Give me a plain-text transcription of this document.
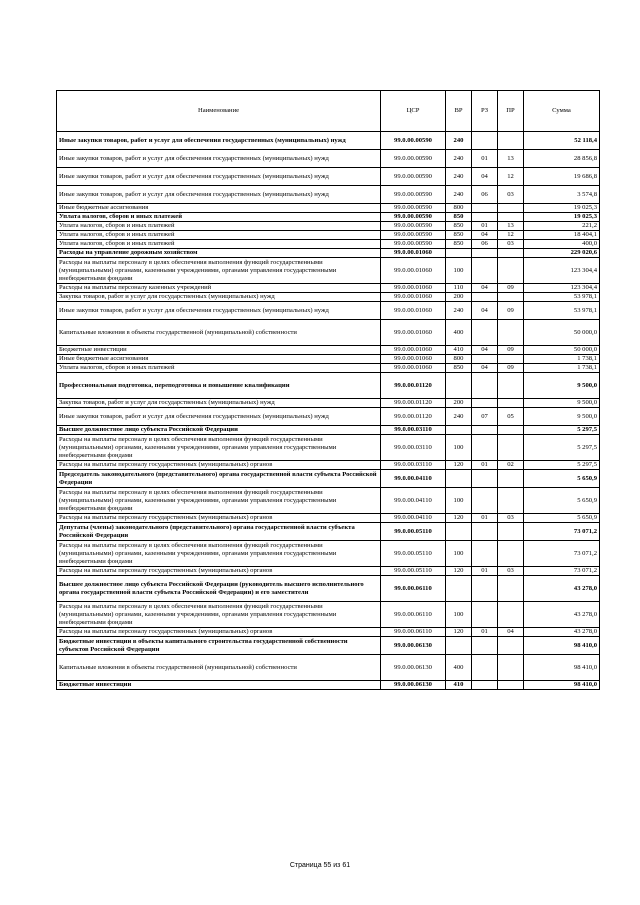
Наименование	ЦСР	ВР	РЗ	ПР	Сумма
Иные закупки товаров, работ и услуг для обеспечения государственных (муниципальных) нужд	99.0.00.00590	240			52 118,4
Иные закупки товаров, работ и услуг для обеспечения государственных (муниципальных) нужд	99.0.00.00590	240	01	13	28 856,8
Иные закупки товаров, работ и услуг для обеспечения государственных (муниципальных) нужд	99.0.00.00590	240	04	12	19 686,8
Иные закупки товаров, работ и услуг для обеспечения государственных (муниципальных) нужд	99.0.00.00590	240	06	03	3 574,8
Иные бюджетные ассигнования	99.0.00.00590	800			19 025,3
Уплата налогов, сборов и иных платежей	99.0.00.00590	850			19 025,3
Уплата налогов, сборов и иных платежей	99.0.00.00590	850	01	13	221,2
Уплата налогов, сборов и иных платежей	99.0.00.00590	850	04	12	18 404,1
Уплата налогов, сборов и иных платежей	99.0.00.00590	850	06	03	400,0
Расходы на управление дорожным хозяйством	99.0.00.01060				229 020,6
Расходы на выплаты персоналу в целях обеспечения выполнения функций государственными (муниципальными) органами, казенными учреждениями, органами управления государственными внебюджетными фондами	99.0.00.01060	100			123 304,4
Расходы на выплаты персоналу казенных учреждений	99.0.00.01060	110	04	09	123 304,4
Закупка товаров, работ и услуг для государственных (муниципальных) нужд	99.0.00.01060	200			53 978,1
Иные закупки товаров, работ и услуг для обеспечения государственных (муниципальных) нужд	99.0.00.01060	240	04	09	53 978,1
Капитальные вложения в объекты государственной (муниципальной) собственности	99.0.00.01060	400			50 000,0
Бюджетные инвестиции	99.0.00.01060	410	04	09	50 000,0
Иные бюджетные ассигнования	99.0.00.01060	800			1 738,1
Уплата налогов, сборов и иных платежей	99.0.00.01060	850	04	09	1 738,1
Профессиональная подготовка, переподготовка и повышение квалификации	99.0.00.01120				9 500,0
Закупка товаров, работ и услуг для государственных (муниципальных) нужд	99.0.00.01120	200			9 500,0
Иные закупки товаров, работ и услуг для обеспечения государственных (муниципальных) нужд	99.0.00.01120	240	07	05	9 500,0
Высшее должностное лицо субъекта Российской Федерации	99.0.00.03110				5 297,5
Расходы на выплаты персоналу в целях обеспечения выполнения функций государственными (муниципальными) органами, казенными учреждениями, органами управления государственными внебюджетными фондами	99.0.00.03110	100			5 297,5
Расходы на выплаты персоналу государственных (муниципальных) органов	99.0.00.03110	120	01	02	5 297,5
Председатель законодательного (представительного) органа государственной власти субъекта Российской Федерации	99.0.00.04110				5 650,9
Расходы на выплаты персоналу в целях обеспечения выполнения функций государственными (муниципальными) органами, казенными учреждениями, органами управления государственными внебюджетными фондами	99.0.00.04110	100			5 650,9
Расходы на выплаты персоналу государственных (муниципальных) органов	99.0.00.04110	120	01	03	5 650,9
Депутаты (члены) законодательного (представительного) органа государственной власти субъекта Российской Федерации	99.0.00.05110				73 071,2
Расходы на выплаты персоналу в целях обеспечения выполнения функций государственными (муниципальными) органами, казенными учреждениями, органами управления государственными внебюджетными фондами	99.0.00.05110	100			73 071,2
Расходы на выплаты персоналу государственных (муниципальных) органов	99.0.00.05110	120	01	03	73 071,2
Высшее должностное лицо субъекта Российской Федерации (руководитель высшего исполнительного органа государственной власти субъекта Российской Федерации) и его заместители	99.0.00.06110				43 278,0
Расходы на выплаты персоналу в целях обеспечения выполнения функций государственными (муниципальными) органами, казенными учреждениями, органами управления государственными внебюджетными фондами	99.0.00.06110	100			43 278,0
Расходы на выплаты персоналу государственных (муниципальных) органов	99.0.00.06110	120	01	04	43 278,0
Бюджетные инвестиции в объекты капитального строительства государственной собственности субъектов Российской Федерации	99.0.00.06130				98 410,0
Капитальные вложения в объекты государственной (муниципальной) собственности	99.0.00.06130	400			98 410,0
Бюджетные инвестиции	99.0.00.06130	410			98 410,0
Страница 55 из 61
